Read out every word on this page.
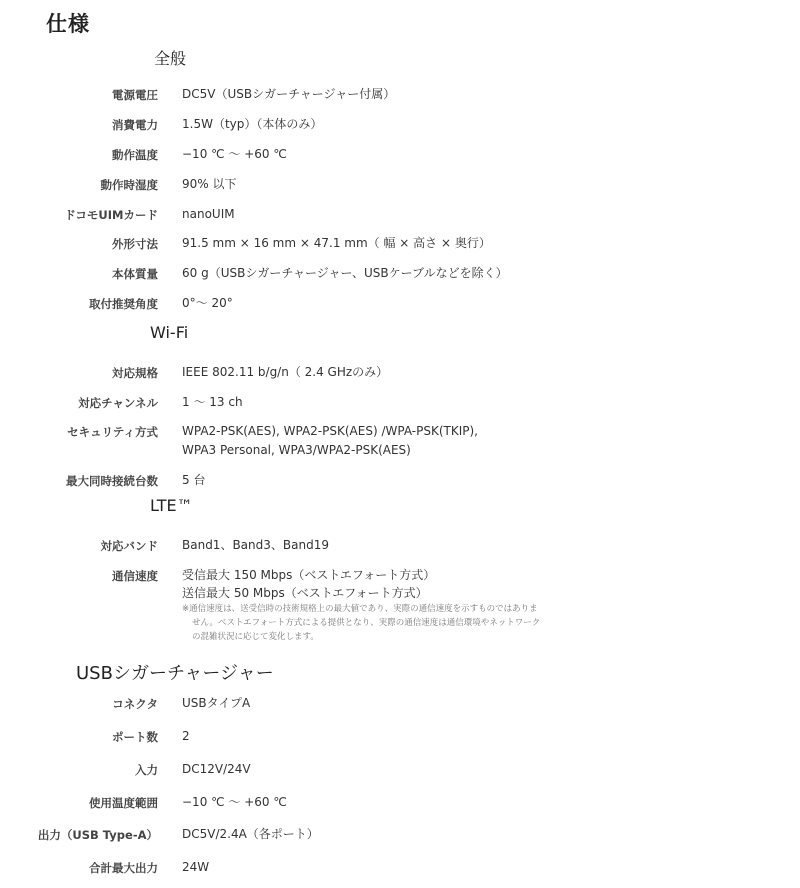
仕様
全般
電源電圧 DC5V（USBシガーチャージャー付属）
消費電力 1.5W（typ）（本体のみ）
動作温度 −10 ℃ 〜 +60 ℃
動作時湿度 90% 以下
ドコモUIMカード nanoUIM
外形寸法 91.5 mm × 16 mm × 47.1 mm（ 幅 × 高さ × 奥行）
本体質量 60 g（USBシガーチャージャー、USBケーブルなどを除く）
取付推奨角度 0°〜 20°
Wi-Fi
対応規格 IEEE 802.11 b/g/n（ 2.4 GHzのみ）
対応チャンネル 1 〜 13 ch
セキュリティ方式 WPA2-PSK(AES), WPA2-PSK(AES) /WPA-PSK(TKIP),
WPA3 Personal, WPA3/WPA2-PSK(AES)
最大同時接続台数 5 台
LTE™
対応バンド Band1、Band3、Band19
通信速度 受信最大 150 Mbps（ベストエフォート方式）
送信最大 50 Mbps（ベストエフォート方式）
※通信速度は、送受信時の技術規格上の最大値であり、実際の通信速度を示すものではありま
せん。ベストエフォート方式による提供となり、実際の通信速度は通信環境やネットワーク
の混雑状況に応じて変化します。
USBシガーチャージャー
コネクタ USBタイプA
ポート数 2
入力 DC12V/24V
使用温度範囲 −10 ℃ 〜 +60 ℃
出力（USB Type-A） DC5V/2.4A（各ポート）
合計最大出力 24W
